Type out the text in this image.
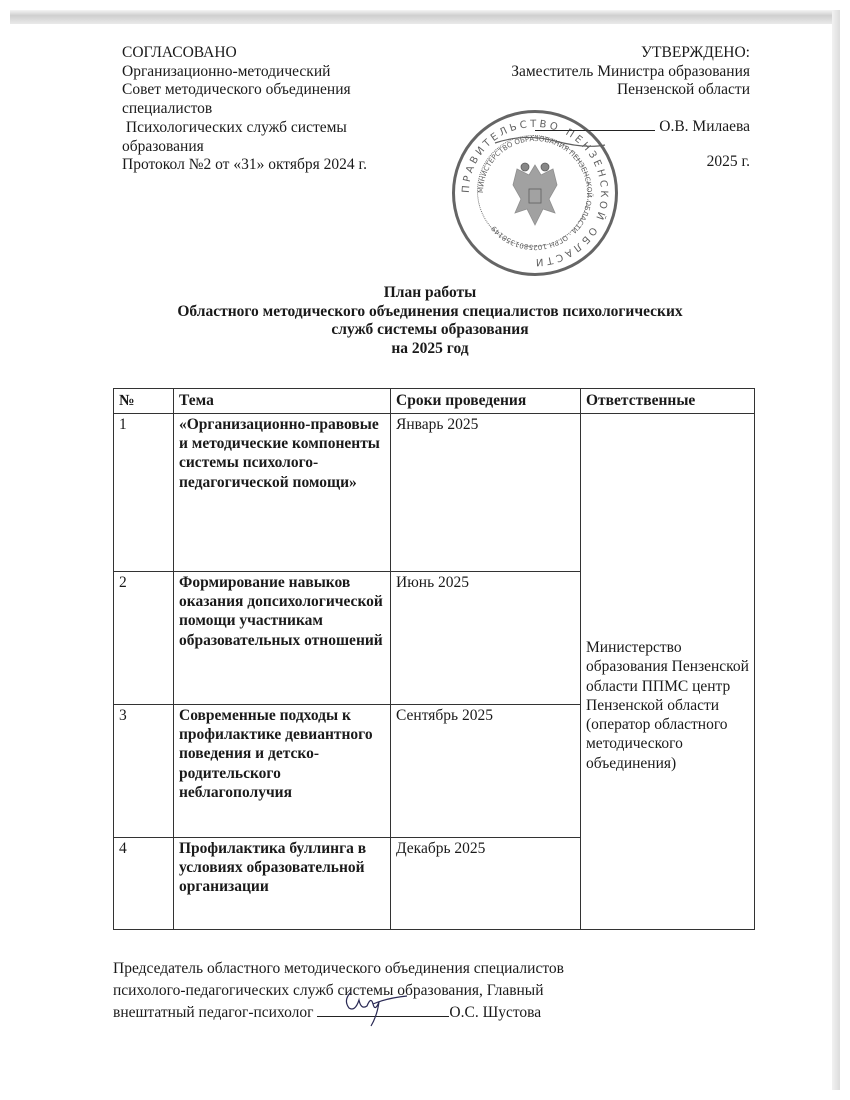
СОГЛАСОВАНО
Организационно-методический
Совет методического объединения
специалистов
Психологических служб системы
образования
Протокол №2 от «31» октября 2024 г.
УТВЕРЖДЕНО:
Заместитель Министра образования
Пензенской области
О.В. Милаева
2025 г.
ПРАВИТЕЛЬСТВО ПЕНЗЕНСКОЙ ОБЛАСТИ
МИНИСТЕРСТВО ОБРАЗОВАНИЯ ПЕНЗЕНСКОЙ ОБЛАСТИ · ОГРН 1025801358149
План работы
Областного методического объединения специалистов психологических
служб системы образования
на 2025 год
№	Тема	Сроки проведения	Ответственные
1	«Организационно-правовые и методические компоненты системы психолого-педагогической помощи»	Январь 2025	Министерство образования Пензенской области ППМС центр Пензенской области (оператор областного методического объединения)
2	Формирование навыков оказания допсихологической помощи участникам образовательных отношений	Июнь 2025	
3	Современные подходы к профилактике девиантного поведения и детско-родительского неблагополучия	Сентябрь 2025	
4	Профилактика буллинга в условиях образовательной организации	Декабрь 2025	
Председатель областного методического объединения специалистов
психолого-педагогических служб системы образования, Главный
внештатный педагог-психолог	О.С. Шустова
